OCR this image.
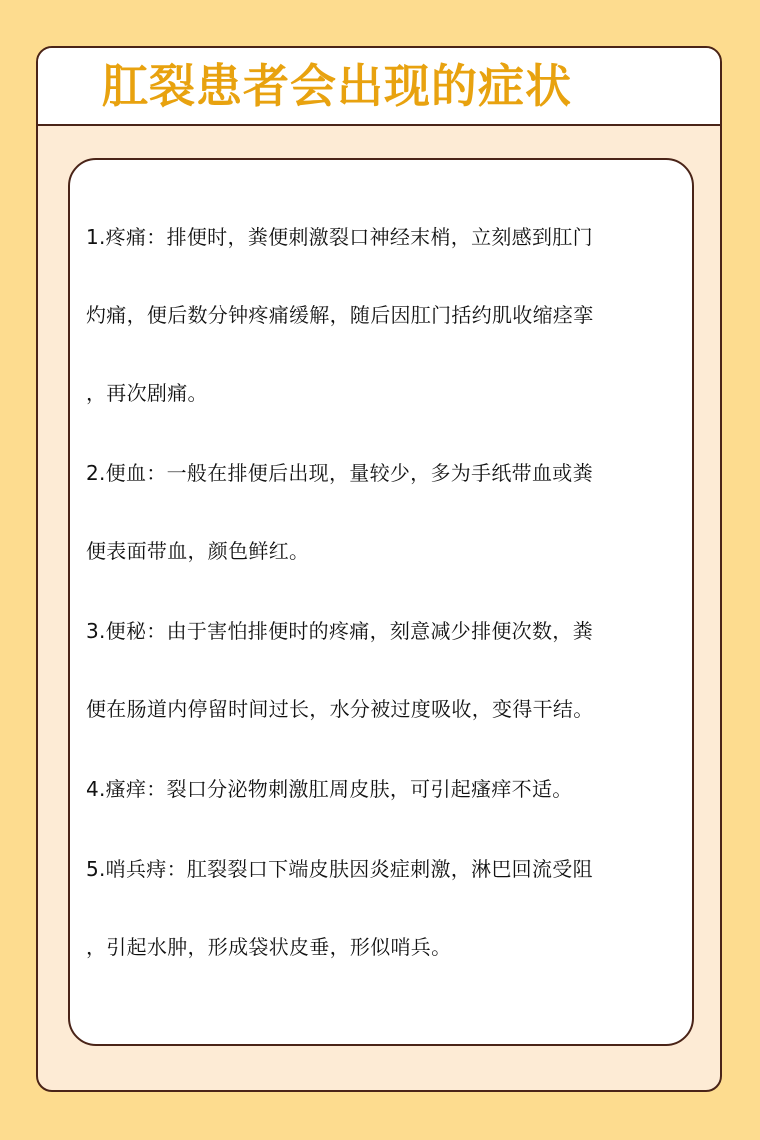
肛裂患者会出现的症状
1.疼痛：排便时，粪便刺激裂口神经末梢，立刻感到肛门
灼痛，便后数分钟疼痛缓解，随后因肛门括约肌收缩痉挛
，再次剧痛。
2.便血：一般在排便后出现，量较少，多为手纸带血或粪
便表面带血，颜色鲜红。
3.便秘：由于害怕排便时的疼痛，刻意减少排便次数，粪
便在肠道内停留时间过长，水分被过度吸收，变得干结。
4.瘙痒：裂口分泌物刺激肛周皮肤，可引起瘙痒不适。
5.哨兵痔：肛裂裂口下端皮肤因炎症刺激，淋巴回流受阻
，引起水肿，形成袋状皮垂，形似哨兵。
